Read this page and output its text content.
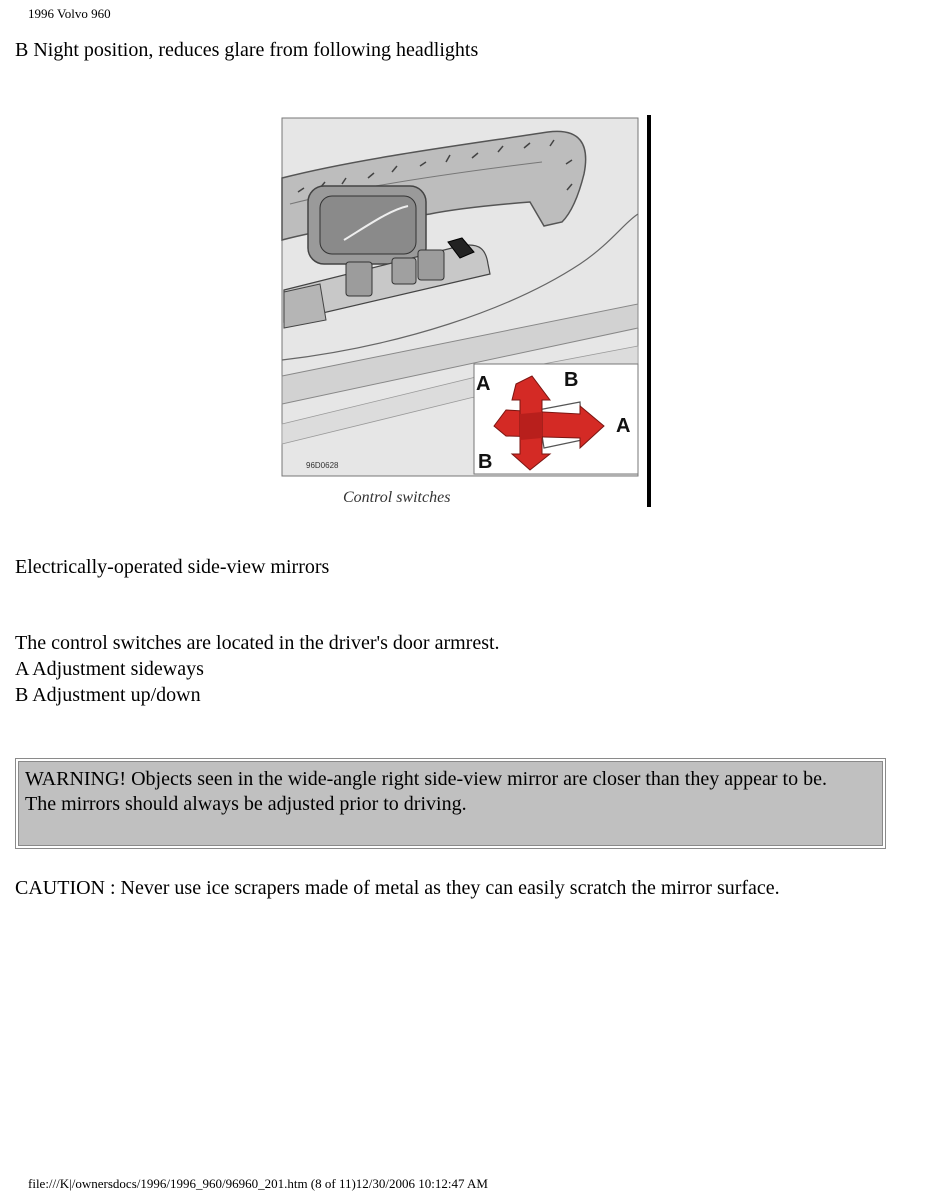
1996 Volvo 960
B Night position, reduces glare from following headlights
96D0628
A	B
A
B
Control switches
Electrically-operated side-view mirrors
The control switches are located in the driver's door armrest.
A Adjustment sideways
B Adjustment up/down
WARNING! Objects seen in the wide-angle right side-view mirror are closer than they appear to be.
The mirrors should always be adjusted prior to driving.
CAUTION : Never use ice scrapers made of metal as they can easily scratch the mirror surface.
file:///K|/ownersdocs/1996/1996_960/96960_201.htm (8 of 11)12/30/2006 10:12:47 AM
